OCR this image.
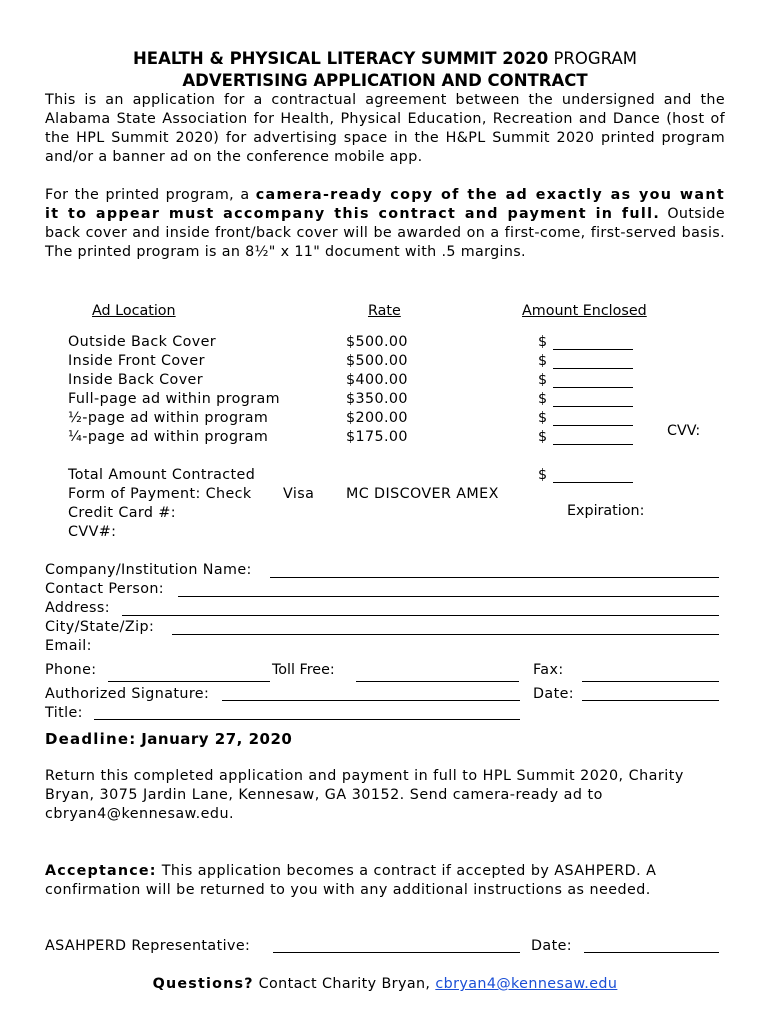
HEALTH & PHYSICAL LITERACY SUMMIT 2020 PROGRAM
ADVERTISING APPLICATION AND CONTRACT
This is an application for a contractual agreement between the undersigned and the Alabama State Association for Health, Physical Education, Recreation and Dance (host of the HPL Summit 2020) for advertising space in the H&PL Summit 2020 printed program and/or a banner ad on the conference mobile app.
For the printed program, a camera-ready copy of the ad exactly as you want it to appear must accompany this contract and payment in full. Outside back cover and inside front/back cover will be awarded on a first-come, first-served basis. The printed program is an 8½" x 11" document with .5 margins.
Ad Location	Rate	Amount Enclosed
Outside Back Cover	$500.00	$
Inside Front Cover	$500.00	$
Inside Back Cover	$400.00	$
Full-page ad within program	$350.00	$
½-page ad within program	$200.00	$
¼-page ad within program	$175.00	$	CVV:
Total Amount Contracted	$
Form of Payment: Check Visa MC DISCOVER AMEX
Credit Card #:	Expiration:
CVV#:
Company/Institution Name:
Contact Person:
Address:
City/State/Zip:
Email:
Phone:	Toll Free:	Fax:
Authorized Signature:	Date:
Title:
Deadline: January 27, 2020
Return this completed application and payment in full to HPL Summit 2020, Charity Bryan, 3075 Jardin Lane, Kennesaw, GA 30152. Send camera-ready ad to cbryan4@kennesaw.edu.
Acceptance: This application becomes a contract if accepted by ASAHPERD. A confirmation will be returned to you with any additional instructions as needed.
ASAHPERD Representative:	Date:
Questions? Contact Charity Bryan, cbryan4@kennesaw.edu
